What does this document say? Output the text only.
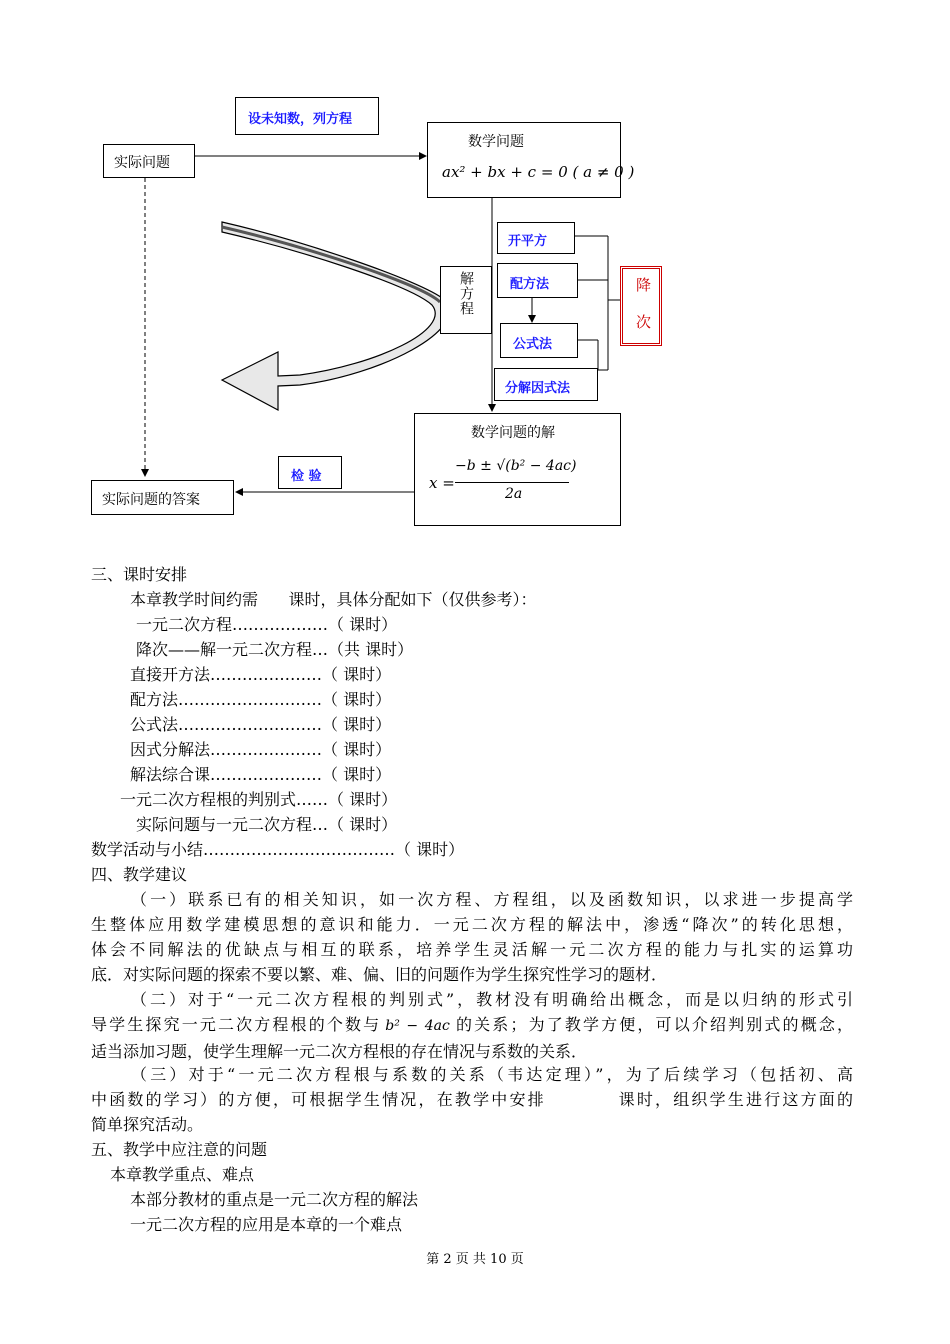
实际问题
设未知数，列方程
数学问题
ax² + bx + c = 0 ( a ≠ 0 )
解方程
开平方
配方法
公式法
分解因式法
降次
数学问题的解
x =
−b ± √(b² − 4ac)
2a
检 验
实际问题的答案
三、课时安排
本章教学时间约需      课时，具体分配如下（仅供参考）：
一元二次方程………………（ 课时）
降次——解一元二次方程…（共 课时）
直接开方法…………………（ 课时）
配方法………………………（ 课时）
公式法………………………（ 课时）
因式分解法…………………（ 课时）
解法综合课…………………（ 课时）
一元二次方程根的判别式……（ 课时）
实际问题与一元二次方程…（ 课时）
数学活动与小结………………………………（ 课时）
四、教学建议

（一）联系已有的相关知识，如一次方程、方程组，以及函数知识，以求进一步提高学

生整体应用数学建模思想的意识和能力．一元二次方程的解法中，渗透“降次”的转化思想，

体会不同解法的优缺点与相互的联系，培养学生灵活解一元二次方程的能力与扎实的运算功

底．对实际问题的探索不要以繁、难、偏、旧的问题作为学生探究性学习的题材．

（二）对于“一元二次方程根的判别式”，教材没有明确给出概念，而是以归纳的形式引

导学生探究一元二次方程根的个数与 b² − 4ac 的关系；为了教学方便，可以介绍判别式的概念，

适当添加习题，使学生理解一元二次方程根的存在情况与系数的关系．

（三）对于“一元二次方程根与系数的关系（韦达定理）”，为了后续学习（包括初、高

中函数的学习）的方便，可根据学生情况，在教学中安排          课时，组织学生进行这方面的

简单探究活动。

五、教学中应注意的问题
本章教学重点、难点
本部分教材的重点是一元二次方程的解法
一元二次方程的应用是本章的一个难点
第 2 页 共 10 页
